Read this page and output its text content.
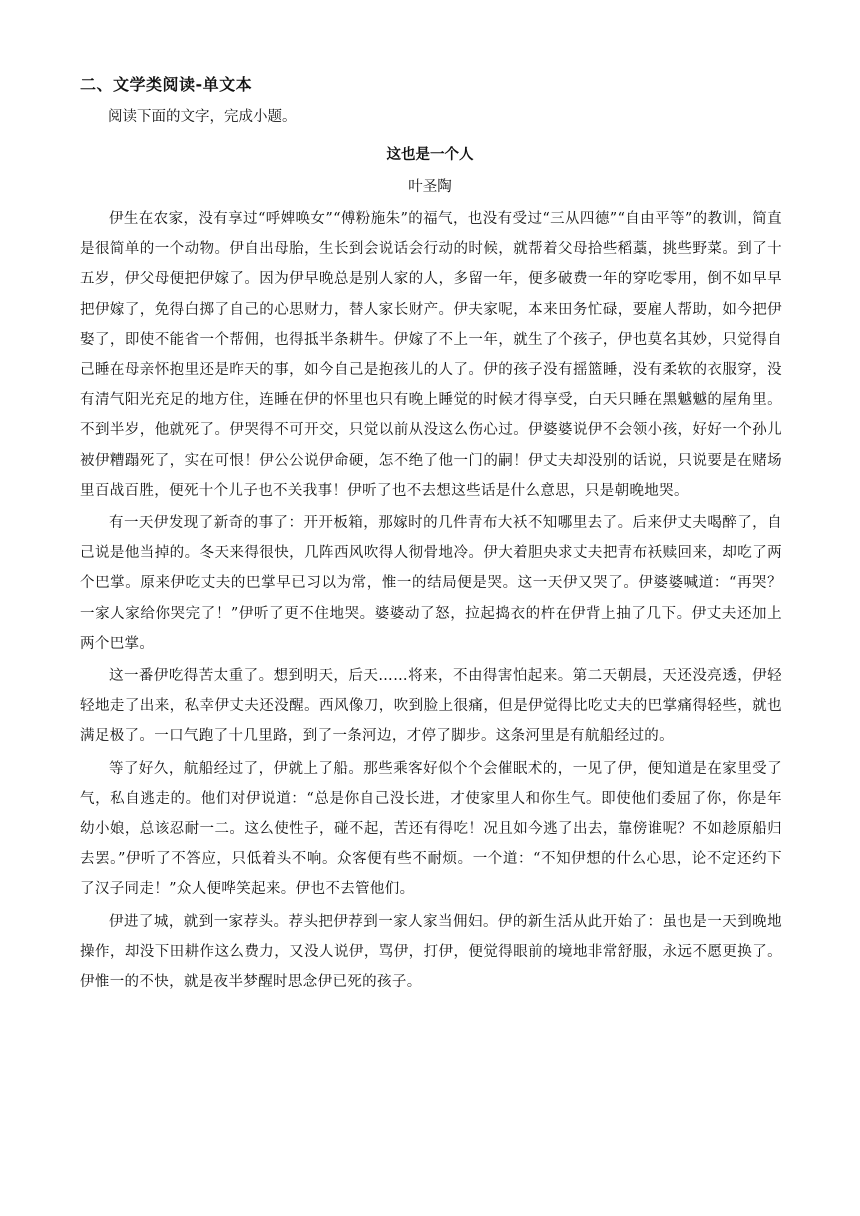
二、文学类阅读-单文本
阅读下面的文字，完成小题。
这也是一个人
叶圣陶

伊生在农家，没有享过“呼婢唤女”“傅粉施朱”的福气，也没有受过“三从四德”“自由平等”的教训，简直是很简单的一个动物。伊自出母胎，生长到会说话会行动的时候，就帮着父母拾些稻藁，挑些野菜。到了十五岁，伊父母便把伊嫁了。因为伊早晚总是别人家的人，多留一年，便多破费一年的穿吃零用，倒不如早早把伊嫁了，免得白掷了自己的心思财力，替人家长财产。伊夫家呢，本来田务忙碌，要雇人帮助，如今把伊娶了，即使不能省一个帮佣，也得抵半条耕牛。伊嫁了不上一年，就生了个孩子，伊也莫名其妙，只觉得自己睡在母亲怀抱里还是昨天的事，如今自己是抱孩儿的人了。伊的孩子没有摇篮睡，没有柔软的衣服穿，没有清气阳光充足的地方住，连睡在伊的怀里也只有晚上睡觉的时候才得享受，白天只睡在黑魆魆的屋角里。不到半岁，他就死了。伊哭得不可开交，只觉以前从没这么伤心过。伊婆婆说伊不会领小孩，好好一个孙儿被伊糟蹋死了，实在可恨！伊公公说伊命硬，怎不绝了他一门的嗣！伊丈夫却没别的话说，只说要是在赌场里百战百胜，便死十个儿子也不关我事！伊听了也不去想这些话是什么意思，只是朝晚地哭。

有一天伊发现了新奇的事了：开开板箱，那嫁时的几件青布大袄不知哪里去了。后来伊丈夫喝醉了，自己说是他当掉的。冬天来得很快，几阵西风吹得人彻骨地冷。伊大着胆央求丈夫把青布袄赎回来，却吃了两个巴掌。原来伊吃丈夫的巴掌早已习以为常，惟一的结局便是哭。这一天伊又哭了。伊婆婆喊道：“再哭？一家人家给你哭完了！”伊听了更不住地哭。婆婆动了怒，拉起捣衣的杵在伊背上抽了几下。伊丈夫还加上两个巴掌。

这一番伊吃得苦太重了。想到明天，后天……将来，不由得害怕起来。第二天朝晨，天还没亮透，伊轻轻地走了出来，私幸伊丈夫还没醒。西风像刀，吹到脸上很痛，但是伊觉得比吃丈夫的巴掌痛得轻些，就也满足极了。一口气跑了十几里路，到了一条河边，才停了脚步。这条河里是有航船经过的。

等了好久，航船经过了，伊就上了船。那些乘客好似个个会催眠术的，一见了伊，便知道是在家里受了气，私自逃走的。他们对伊说道：“总是你自己没长进，才使家里人和你生气。即使他们委屈了你，你是年幼小娘，总该忍耐一二。这么使性子，碰不起，苦还有得吃！况且如今逃了出去，靠傍谁呢？不如趁原船归去罢。”伊听了不答应，只低着头不响。众客便有些不耐烦。一个道：“不知伊想的什么心思，论不定还约下了汉子同走！”众人便哗笑起来。伊也不去管他们。

伊进了城，就到一家荐头。荐头把伊荐到一家人家当佣妇。伊的新生活从此开始了：虽也是一天到晚地操作，却没下田耕作这么费力，又没人说伊，骂伊，打伊，便觉得眼前的境地非常舒服，永远不愿更换了。伊惟一的不快，就是夜半梦醒时思念伊已死的孩子。
